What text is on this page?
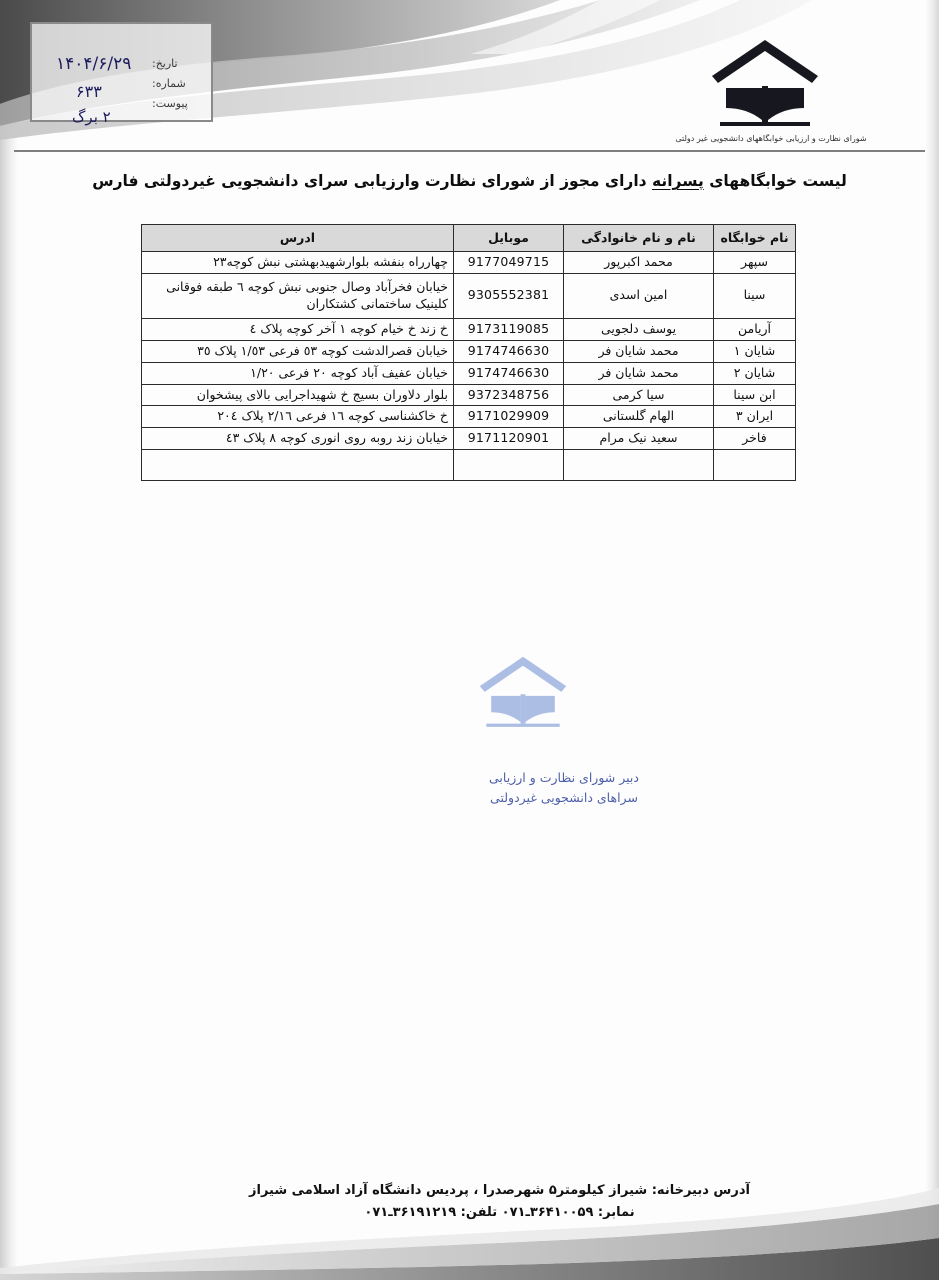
تاریخ:
شماره:
پیوست:
۱۴۰۴/۶/۲۹
۶۳۳
۲ برگ
شورای نظارت و ارزیابی خوابگاههای دانشجویی غیر دولتی
لیست خوابگاههای پسرانه دارای مجوز از شورای نظارت وارزیابی سرای دانشجویی غیردولتی فارس
نام خوابگاه	نام و نام خانوادگی	موبایل	ادرس
سپهر	محمد اکبرپور	9177049715	چهارراه بنفشه بلوارشهیدبهشتی نبش کوچه۲۳
سینا	امین اسدی	9305552381	خیابان فخرآباد وصال جنوبی نبش کوچه ٦ طبقه فوقانی کلینیک ساختمانی کشتکاران
آریامن	یوسف دلجویی	9173119085	خ زند خ خیام کوچه ١ آخر کوچه پلاک ٤
شایان ۱	محمد شایان فر	9174746630	خیابان قصرالدشت کوچه ٥٣ فرعی ١/٥٣ پلاک ٣٥
شایان ۲	محمد شایان فر	9174746630	خیابان عفیف آباد کوچه ٢٠ فرعی ١/٢٠
ابن سینا	سیا کرمی	9372348756	بلوار دلاوران بسیج خ شهیداجرایی بالای پیشخوان
ایران ۳	الهام گلستانی	9171029909	خ خاکشناسی کوچه ١٦ فرعی ٢/١٦ پلاک ٢٠٤
فاخر	سعید نیک مرام	9171120901	خیابان زند روبه روی انوری کوچه ٨ پلاک ٤٣

دبیر شورای نظارت و ارزیابی
سراهای دانشجویی غیردولتی
آدرس دبیرخانه: شیراز کیلومتر۵ شهرصدرا ، پردیس دانشگاه آزاد اسلامی شیراز
نمابر: ۳۶۴۱۰۰۵۹ـ۰۷۱ تلفن: ۳۶۱۹۱۲۱۹ـ۰۷۱
